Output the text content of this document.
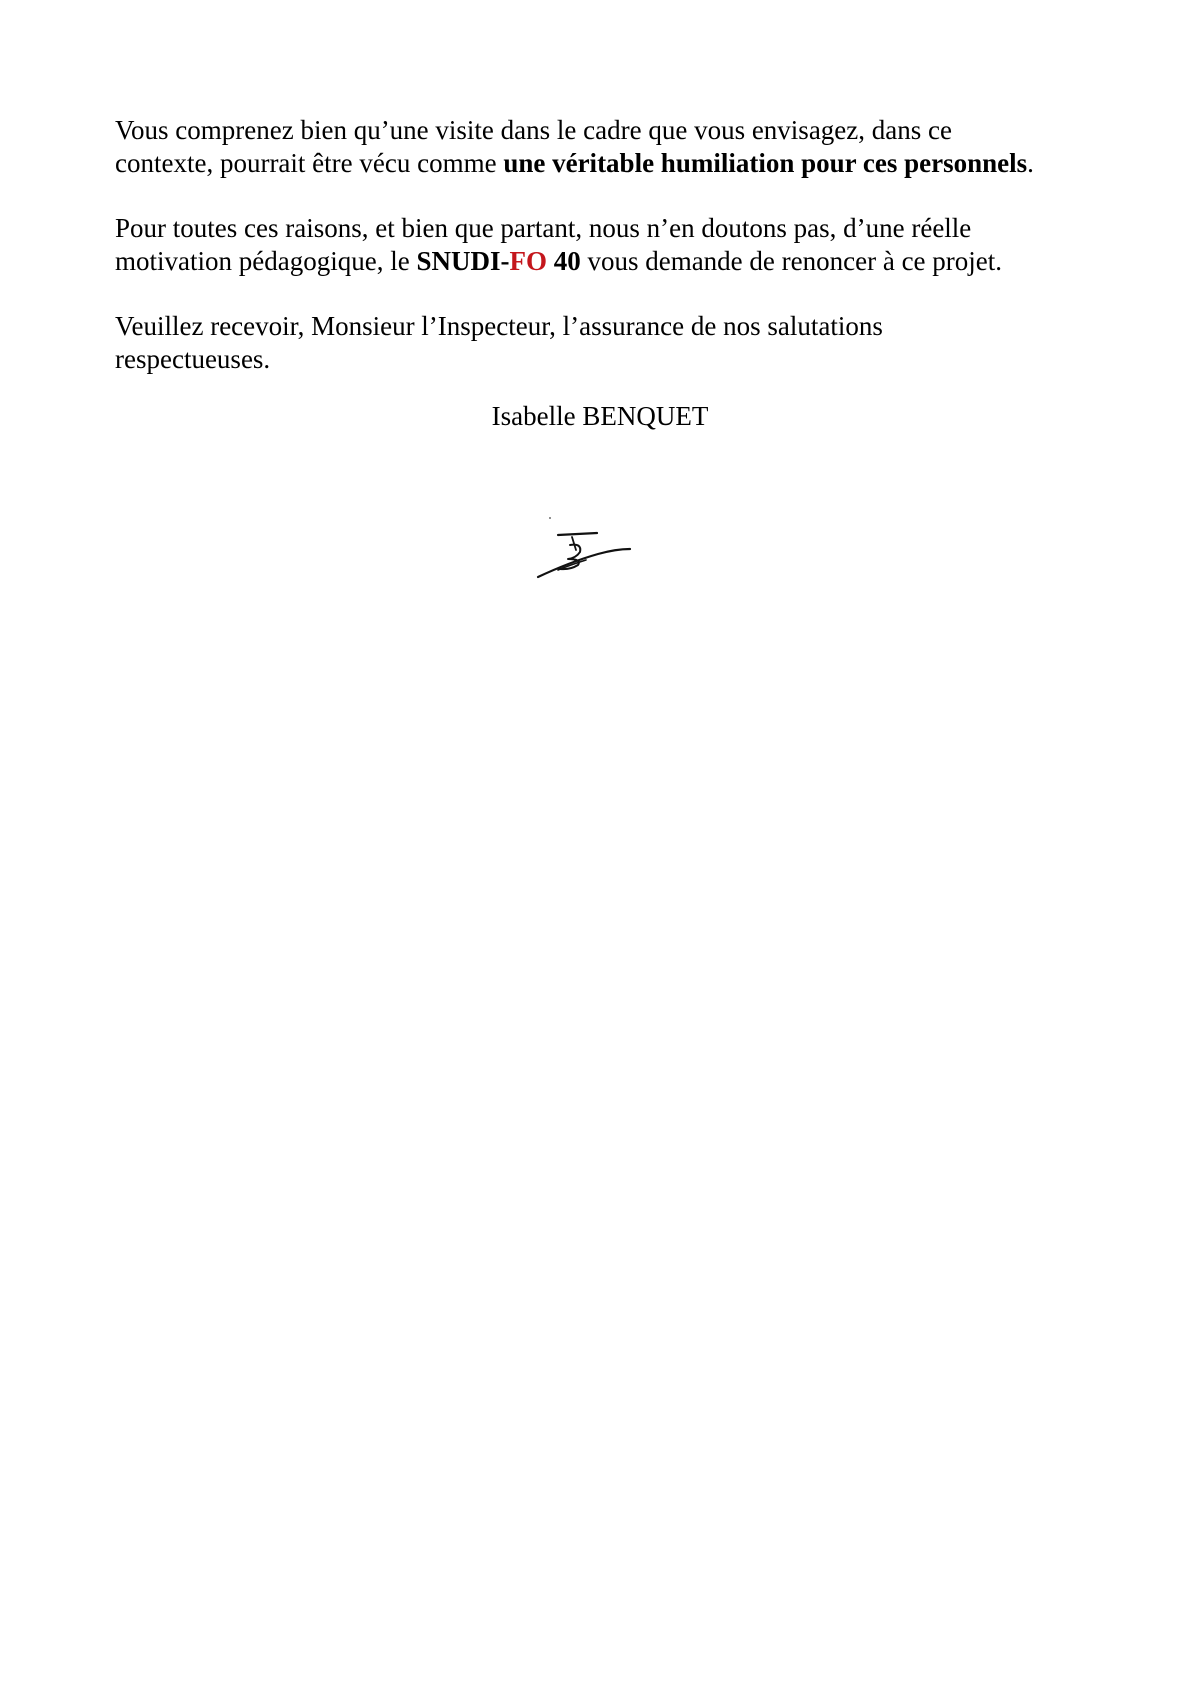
Vous comprenez bien qu’une visite dans le cadre que vous envisagez, dans ce
contexte, pourrait être vécu comme une véritable humiliation pour ces personnels.

Pour toutes ces raisons, et bien que partant, nous n’en doutons pas, d’une réelle
motivation pédagogique, le SNUDI-FO 40 vous demande de renoncer à ce projet.

Veuillez recevoir, Monsieur l’Inspecteur, l’assurance de nos salutations
respectueuses.

Isabelle BENQUET
